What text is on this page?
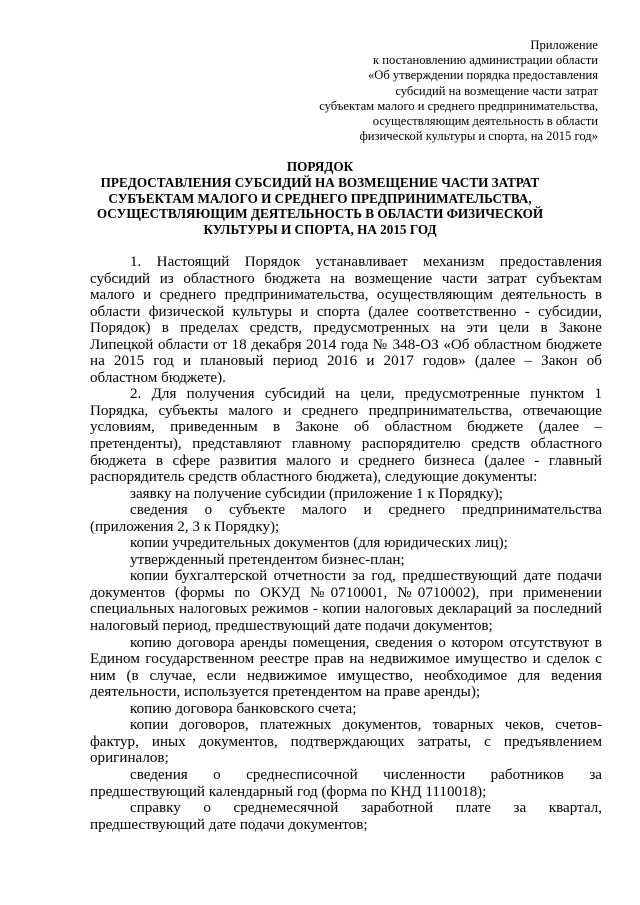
Приложение
к постановлению администрации области
«Об утверждении порядка предоставления
субсидий на возмещение части затрат
субъектам малого и среднего предпринимательства,
осуществляющим деятельность в области
физической культуры и спорта, на 2015 год»
ПОРЯДОК
ПРЕДОСТАВЛЕНИЯ СУБСИДИЙ НА ВОЗМЕЩЕНИЕ ЧАСТИ ЗАТРАТ
СУБЪЕКТАМ МАЛОГО И СРЕДНЕГО ПРЕДПРИНИМАТЕЛЬСТВА,
ОСУЩЕСТВЛЯЮЩИМ ДЕЯТЕЛЬНОСТЬ В ОБЛАСТИ ФИЗИЧЕСКОЙ
КУЛЬТУРЫ И СПОРТА, НА 2015 ГОД

1. Настоящий Порядок устанавливает механизм предоставления субсидий из областного бюджета на возмещение части затрат субъектам малого и среднего предпринимательства, осуществляющим деятельность в области физической культуры и спорта (далее соответственно - субсидии, Порядок) в пределах средств, предусмотренных на эти цели в Законе Липецкой области от 18 декабря 2014 года № 348-ОЗ «Об областном бюджете на 2015 год и плановый период 2016 и 2017 годов» (далее – Закон об областном бюджете).

2. Для получения субсидий на цели, предусмотренные пунктом 1 Порядка, субъекты малого и среднего предпринимательства, отвечающие условиям, приведенным в Законе об областном бюджете (далее – претенденты), представляют главному распорядителю средств областного бюджета в сфере развития малого и среднего бизнеса (далее - главный распорядитель средств областного бюджета), следующие документы:

заявку на получение субсидии (приложение 1 к Порядку);

сведения о субъекте малого и среднего предпринимательства (приложения 2, 3 к Порядку);

копии учредительных документов (для юридических лиц);

утвержденный претендентом бизнес-план;

копии бухгалтерской отчетности за год, предшествующий дате подачи документов (формы по ОКУД №0710001, №0710002), при применении специальных налоговых режимов - копии налоговых деклараций за последний налоговый период, предшествующий дате подачи документов;

копию договора аренды помещения, сведения о котором отсутствуют в Едином государственном реестре прав на недвижимое имущество и сделок с ним (в случае, если недвижимое имущество, необходимое для ведения деятельности, используется претендентом на праве аренды);

копию договора банковского счета;

копии договоров, платежных документов, товарных чеков, счетов-фактур, иных документов, подтверждающих затраты, с предъявлением оригиналов;

сведения о среднесписочной численности работников за предшествующий календарный год (форма по КНД 1110018);

справку о среднемесячной заработной плате за квартал, предшествующий дате подачи документов;
